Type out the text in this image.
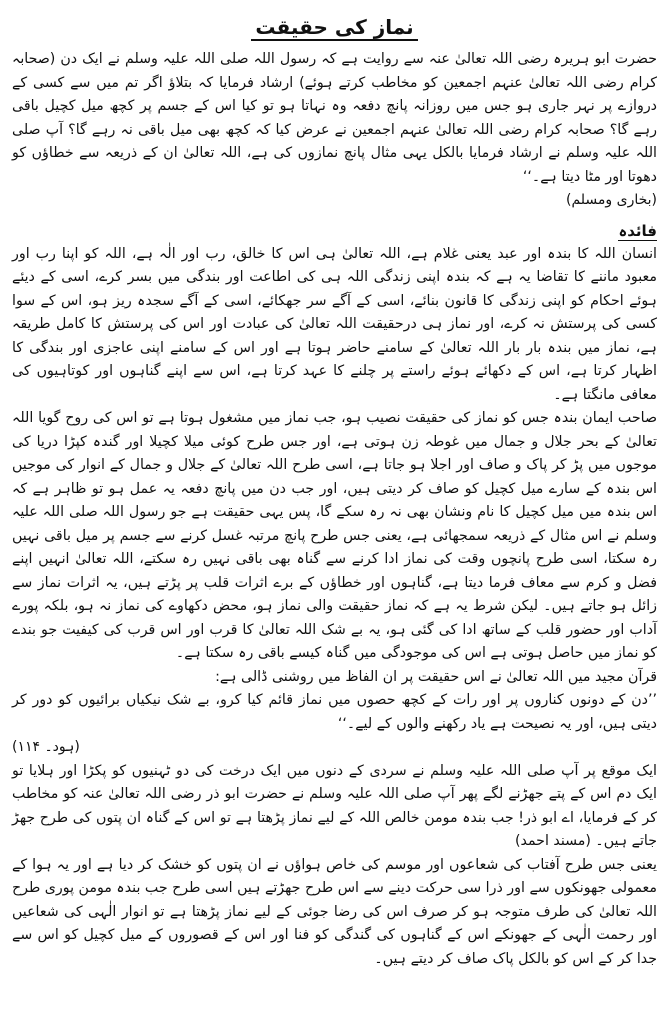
نماز کی حقیقت

حضرت ابو ہریرہ رضی اللہ تعالیٰ عنہ سے روایت ہے کہ رسول اللہ صلی اللہ علیہ وسلم نے ایک دن (صحابہ کرام رضی اللہ تعالیٰ عنہم اجمعین کو مخاطب کرتے ہوئے) ارشاد فرمایا کہ بتلاؤ اگر تم میں سے کسی کے دروازے پر نہر جاری ہو جس میں روزانہ پانچ دفعہ وہ نہاتا ہو تو کیا اس کے جسم پر کچھ میل کچیل باقی رہے گا؟ صحابہ کرام رضی اللہ تعالیٰ عنہم اجمعین نے عرض کیا کہ کچھ بھی میل باقی نہ رہے گا؟ آپ صلی اللہ علیہ وسلم نے ارشاد فرمایا بالکل یہی مثال پانچ نمازوں کی ہے، اللہ تعالیٰ ان کے ذریعہ سے خطاؤں کو دھوتا اور مٹا دیتا ہے۔‘‘

(بخاری ومسلم)

فائدہ

انسان اللہ کا بندہ اور عبد یعنی غلام ہے، اللہ تعالیٰ ہی اس کا خالق، رب اور الٰہ ہے، اللہ کو اپنا رب اور معبود ماننے کا تقاضا یہ ہے کہ بندہ اپنی زندگی اللہ ہی کی اطاعت اور بندگی میں بسر کرے، اسی کے دیئے ہوئے احکام کو اپنی زندگی کا قانون بنائے، اسی کے آگے سر جھکائے، اسی کے آگے سجدہ ریز ہو، اس کے سوا کسی کی پرستش نہ کرے، اور نماز ہی درحقیقت اللہ تعالیٰ کی عبادت اور اس کی پرستش کا کامل طریقہ ہے، نماز میں بندہ بار بار اللہ تعالیٰ کے سامنے حاضر ہوتا ہے اور اس کے سامنے اپنی عاجزی اور بندگی کا اظہار کرتا ہے، اس کے دکھائے ہوئے راستے پر چلنے کا عہد کرتا ہے، اس سے اپنے گناہوں اور کوتاہیوں کی معافی مانگتا ہے۔

صاحب ایمان بندہ جس کو نماز کی حقیقت نصیب ہو، جب نماز میں مشغول ہوتا ہے تو اس کی روح گویا اللہ تعالیٰ کے بحر جلال و جمال میں غوطہ زن ہوتی ہے، اور جس طرح کوئی میلا کچیلا اور گندہ کپڑا دریا کی موجوں میں پڑ کر پاک و صاف اور اجلا ہو جاتا ہے، اسی طرح اللہ تعالیٰ کے جلال و جمال کے انوار کی موجیں اس بندہ کے سارے میل کچیل کو صاف کر دیتی ہیں، اور جب دن میں پانچ دفعہ یہ عمل ہو تو ظاہر ہے کہ اس بندہ میں میل کچیل کا نام ونشان بھی نہ رہ سکے گا، پس یہی حقیقت ہے جو رسول اللہ صلی اللہ علیہ وسلم نے اس مثال کے ذریعہ سمجھائی ہے، یعنی جس طرح پانچ مرتبہ غسل کرنے سے جسم پر میل باقی نہیں رہ سکتا، اسی طرح پانچوں وقت کی نماز ادا کرنے سے گناہ بھی باقی نہیں رہ سکتے، اللہ تعالیٰ انہیں اپنے فضل و کرم سے معاف فرما دیتا ہے، گناہوں اور خطاؤں کے برے اثرات قلب پر پڑتے ہیں، یہ اثرات نماز سے زائل ہو جاتے ہیں۔ لیکن شرط یہ ہے کہ نماز حقیقت والی نماز ہو، محض دکھاوے کی نماز نہ ہو، بلکہ پورے آداب اور حضور قلب کے ساتھ ادا کی گئی ہو، یہ بے شک اللہ تعالیٰ کا قرب اور اس قرب کی کیفیت جو بندے کو نماز میں حاصل ہوتی ہے اس کی موجودگی میں گناہ کیسے باقی رہ سکتا ہے۔

قرآن مجید میں اللہ تعالیٰ نے اس حقیقت پر ان الفاظ میں روشنی ڈالی ہے:

’’دن کے دونوں کناروں پر اور رات کے کچھ حصوں میں نماز قائم کیا کرو، بے شک نیکیاں برائیوں کو دور کر دیتی ہیں، اور یہ نصیحت ہے یاد رکھنے والوں کے لیے۔‘‘

(ہود۔ ۱۱۴)

ایک موقع پر آپ صلی اللہ علیہ وسلم نے سردی کے دنوں میں ایک درخت کی دو ٹہنیوں کو پکڑا اور ہلایا تو ایک دم اس کے پتے جھڑنے لگے پھر آپ صلی اللہ علیہ وسلم نے حضرت ابو ذر رضی اللہ تعالیٰ عنہ کو مخاطب کر کے فرمایا، اے ابو ذر! جب بندہ مومن خالص اللہ کے لیے نماز پڑھتا ہے تو اس کے گناہ ان پتوں کی طرح جھڑ جاتے ہیں۔ (مسند احمد)

یعنی جس طرح آفتاب کی شعاعوں اور موسم کی خاص ہواؤں نے ان پتوں کو خشک کر دیا ہے اور یہ ہوا کے معمولی جھونکوں سے اور ذرا سی حرکت دینے سے اس طرح جھڑتے ہیں اسی طرح جب بندہ مومن پوری طرح اللہ تعالیٰ کی طرف متوجہ ہو کر صرف اس کی رضا جوئی کے لیے نماز پڑھتا ہے تو انوار الٰہی کی شعاعیں اور رحمت الٰہی کے جھونکے اس کے گناہوں کی گندگی کو فنا اور اس کے قصوروں کے میل کچیل کو اس سے جدا کر کے اس کو بالکل پاک صاف کر دیتے ہیں۔
